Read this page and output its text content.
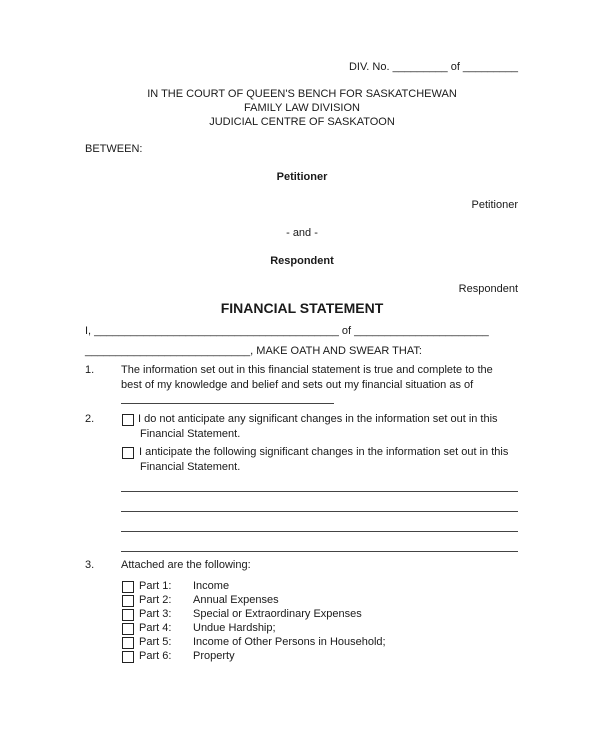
DIV. No. _________ of _________
IN THE COURT OF QUEEN'S BENCH FOR SASKATCHEWAN
FAMILY LAW DIVISION
JUDICIAL CENTRE OF SASKATOON
BETWEEN:
Petitioner
Petitioner
- and -
Respondent
Respondent
FINANCIAL STATEMENT
I, ________________________________________ of ______________________
___________________________, MAKE OATH AND SWEAR THAT:
1. The information set out in this financial statement is true and complete to the
best of my knowledge and belief and sets out my financial situation as of
2.	I do not anticipate any significant changes in the information set out in this
Financial Statement.
I anticipate the following significant changes in the information set out in this
Financial Statement.
3. Attached are the following:
Part 1: Income
Part 2: Annual Expenses
Part 3: Special or Extraordinary Expenses
Part 4: Undue Hardship;
Part 5: Income of Other Persons in Household;
Part 6: Property
